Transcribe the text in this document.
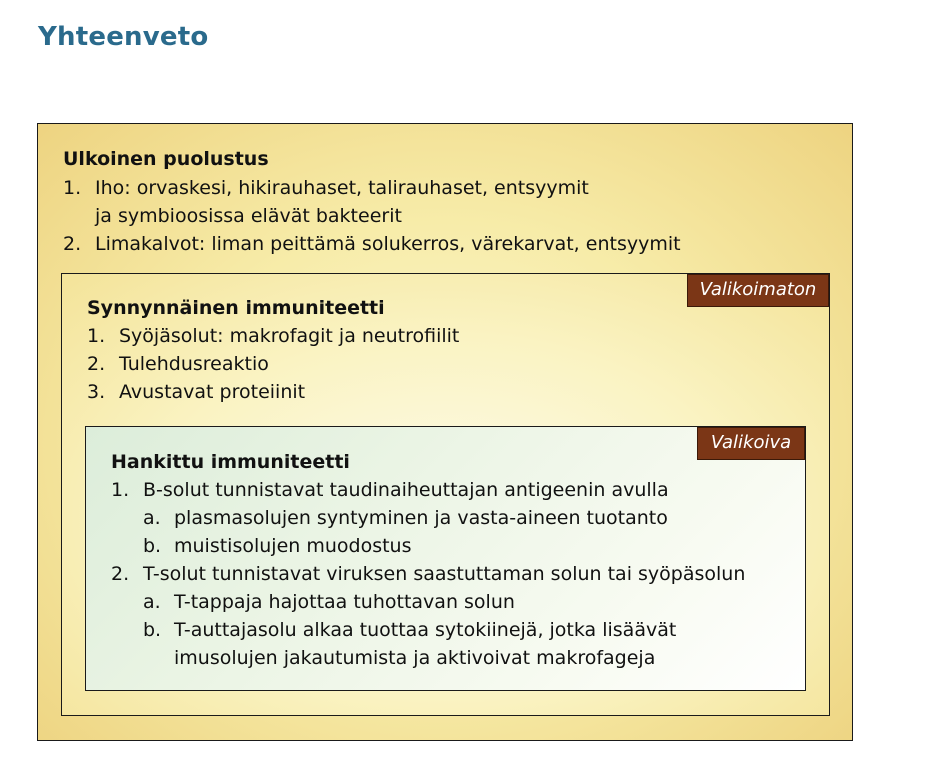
Yhteenveto
Ulkoinen puolustus
1. Iho: orvaskesi, hikirauhaset, talirauhaset, entsyymit
ja symbioosissa elävät bakteerit
2. Limakalvot: liman peittämä solukerros, värekarvat, entsyymit
Valikoimaton
Synnynnäinen immuniteetti
1. Syöjäsolut: makrofagit ja neutrofiilit
2. Tulehdusreaktio
3. Avustavat proteiinit
Valikoiva
Hankittu immuniteetti
1. B-solut tunnistavat taudinaiheuttajan antigeenin avulla
a. plasmasolujen syntyminen ja vasta-aineen tuotanto
b. muistisolujen muodostus
2. T-solut tunnistavat viruksen saastuttaman solun tai syöpäsolun
a. T-tappaja hajottaa tuhottavan solun
b. T-auttajasolu alkaa tuottaa sytokiinejä, jotka lisäävät
imusolujen jakautumista ja aktivoivat makrofageja
